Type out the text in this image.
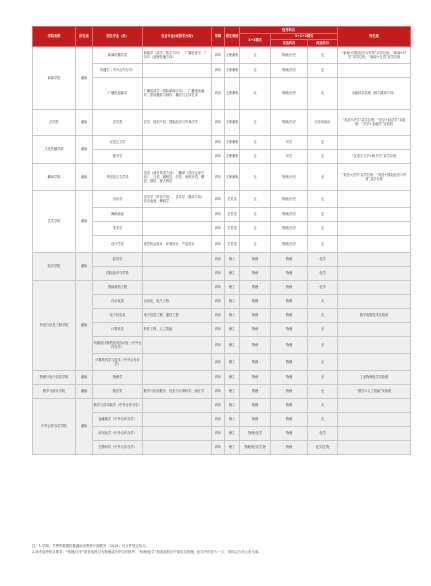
学院名称	所在地	招生专业（类）	包含专业(或招考方向)	学制	招生类别	选考科目			特色班
						3+3模式	3+1+2模式		
							首选科目	再选科目	
新闻学院	湖南	新闻传播学类	新闻学（双学、数字方向）、广播电视学、广告学（品牌传播方向）	四年	文理兼收	无	物理/历史	无	“新闻+国际经济与贸易”双学位班；“新闻+法学”双学位班；“新闻+日语”双学位班
		传播学（中外合作办学）		四年	文理兼收	无	物理/历史	无	
		广播电视编导	广播电视学（国际新闻方向）、广播电视编导、影视摄影与制作、播音与主持艺术	四年	文理兼收	无	物理/历史	无	全媒体实验班（数字媒体方向）
法学院	湖南	法学类	法学、知识产权、国际经济与贸易法学	四年	文理兼收	无	物理/历史	历史或政治	“英语+法学”双学位班；“法学+经济学”实验班；“法学+金融学”实验班
文化传播学院	湖南	汉语言文学		四年	文理兼收	无	历史	无	
		秘书学		四年	文理兼收	无	历史	无	“汉语言文学+秘书学”双学位班
翻译学院	湖南	外国语言文学类	英语（商务英语方向）、翻译（英汉互译方向）、日语、朝鲜语、法语、西班牙语、俄语、德语、意大利语	四年	文理兼收	无	物理/历史	无	“英语+法学”双学位班；“英语+国际经济与贸易”双学位班
艺术学院	湖南	音乐学	音乐学（声乐方向）、音乐学（器乐方向）、音乐表演、舞蹈学	四年	艺术类	无	物理/历史	无	
		舞蹈表演		四年	艺术类	无	物理/历史	无	
		美术学		四年	艺术类	无	物理/历史	无	
		设计学类	视觉传达设计、环境设计、产品设计	四年	艺术类	无	物理/历史	无	
经济学院	湖南	经济学		四年	理工	物理	物理	化学	
		国际经济与贸易		四年	理工	物理	物理	化学	
机电与信息工程学院	湖南	智能制造工程		四年	理工	物理	物理	化学	
		自动化类	自动化、电气工程	四年	理工	物理	物理	无	
		电子信息类	电子信息工程、通信工程	四年	理工	物理	物理	无	数字电路技术实验班
		计算机类	软件工程、人工智能	四年	理工	物理	物理	无	
		机械设计制造及其自动化（中外合作办学）		四年	理工	物理	物理	无	
		计算机科学与技术（中外合作办学）		四年	理工	物理	物理	无	
物理与电子信息学院	湖南	物理学		四年	理工	物理	物理	无	工业物理化学实验班
数学与统计学院	湖南	数学类	数学与应用数学、信息与计算科学、统计学	四年	理工	物理	物理	无	“数学+人工智能”实验班
中外合作办学学院	湖南	数学与应用数学（中外合作办学）		四年	理工	物理	物理	无	
		金融数学（中外合作办学）		四年	理工	物理	物理	无	
		应用化学（中外合作办学）		四年	理工	物理/化学	物理	化学	
		生物科学（中外合作办学）		四年	理工	物理/化学/生物	物理	化学/生物	

注：1.学制、学费等数据依据湖南省教育厅湘教发〔2019〕号文件规定执行。

2.高考选考科目要求：“物理/历史”指首选科目为物理或历史均可报考；“物理/化学”指再选科目中需包含物理、化学中的至少一门，具体以当年公布为准。
